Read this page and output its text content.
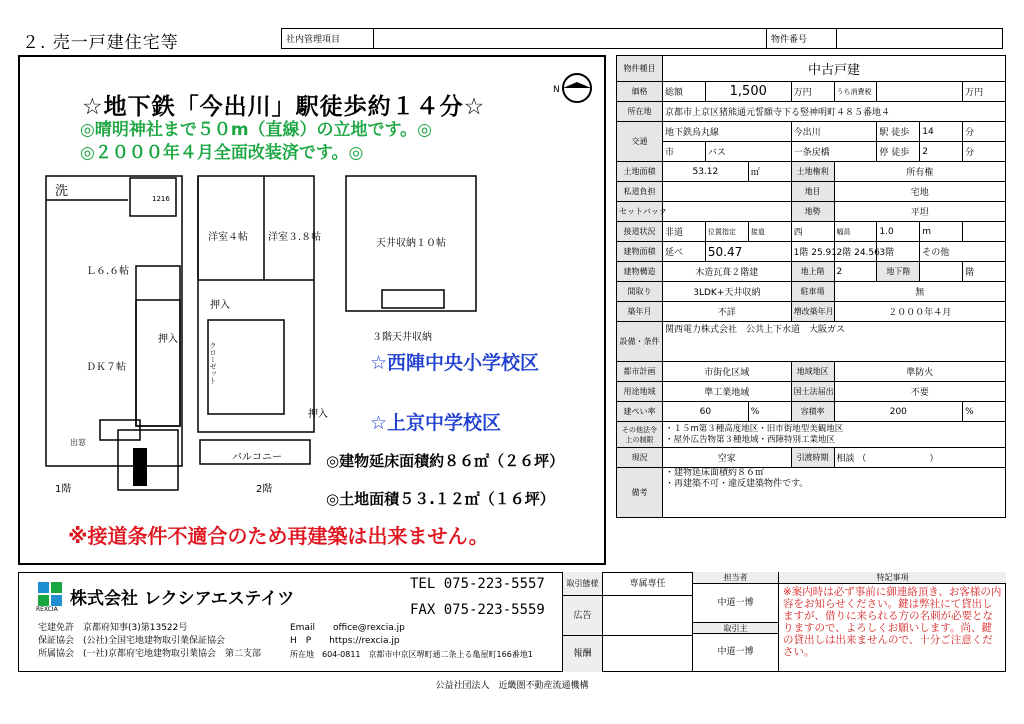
２. 売一戸建住宅等	社内管理項目	物件番号
☆地下鉄「今出川」駅徒歩約１４分☆
N
◎晴明神社まで５０m（直線）の立地です。◎
◎２０００年４月全面改装済です。◎
洗	1216
Ｌ６.６帖
ＤＫ７帖
押入
出窓
1階
洋室４帖 洋室３.８帖
押入
クローゼット
押入
バルコニー
2階
天井収納１０帖
３階天井収納
☆西陣中央小学校区
☆上京中学校区
◎建物延床面積約８６㎡（２６坪）
◎土地面積５３.１２㎡（１６坪）
※接道条件不適合のため再建築は出来ません。
物件種目	中古戸建							
価格	総額	1,500		万円	うち消費税			万円
所在地	京都市上京区猪熊通元誓願寺下る竪神明町４８５番地４							
交通	地下鉄烏丸線			今出川		駅 徒歩	14	分
	市	バス		一条戻橋		停 徒歩	2	分
土地面積	53.12		㎡	土地権利	所有権			
私道負担				地目	宅地			
セットバック				地勢	平坦			
接道状況	非道	位置指定	接道	西	幅員	1.0	m	
建物面積	延べ	50.47		1階 25.91	2階 24.56	3階	その他	
建物構造	木造瓦葺２階建			地上階	2	地下階		階
間取り	3LDK+天井収納			駐車場	無			
築年月	不詳			増改築年月	２０００年４月			
設備・条件	関西電力株式会社　公共上下水道　大阪ガス							
都市計画	市街化区域			地域地区	準防火			
用途地域	準工業地域			国土法届出	不要			
建ぺい率	60		%	容積率	200			%
その他法令上の制限	・１５m第３種高度地区・旧市街地型美観地区
・屋外広告物第３種地域・西陣特別工業地区							

現況	空家			引渡時期	相談 （　　　　　　　）			
備考	・建物延床面積約８６㎡
・再建築不可・違反建築物件です。							
REXCIA
株式会社 レクシアエステイツ
TEL 075-223-5557
FAX 075-223-5559
宅建免許　京都府知事(3)第13522号
保証協会　(公社)全国宅地建物取引業保証協会
所属協会　(一社)京都府宅地建物取引業協会　第二支部
Email　　 office@rexcia.jp
H　P　　 https://rexcia.jp
所在地　 604-0811　京都市中京区堺町通二条上る亀屋町166番地1
取引態様	専属専任
広告
報酬
担当者
中道一博
取引主
中道一博
特記事項
※案内時は必ず事前に御連絡頂き、お客様の内容をお知らせください。鍵は弊社にて貸出しますが、借りに来られる方の名刺が必要となりますので、よろしくお願いします。尚、鍵の貸出しは出来ませんので、十分ご注意ください。
公益社団法人　近畿圏不動産流通機構
